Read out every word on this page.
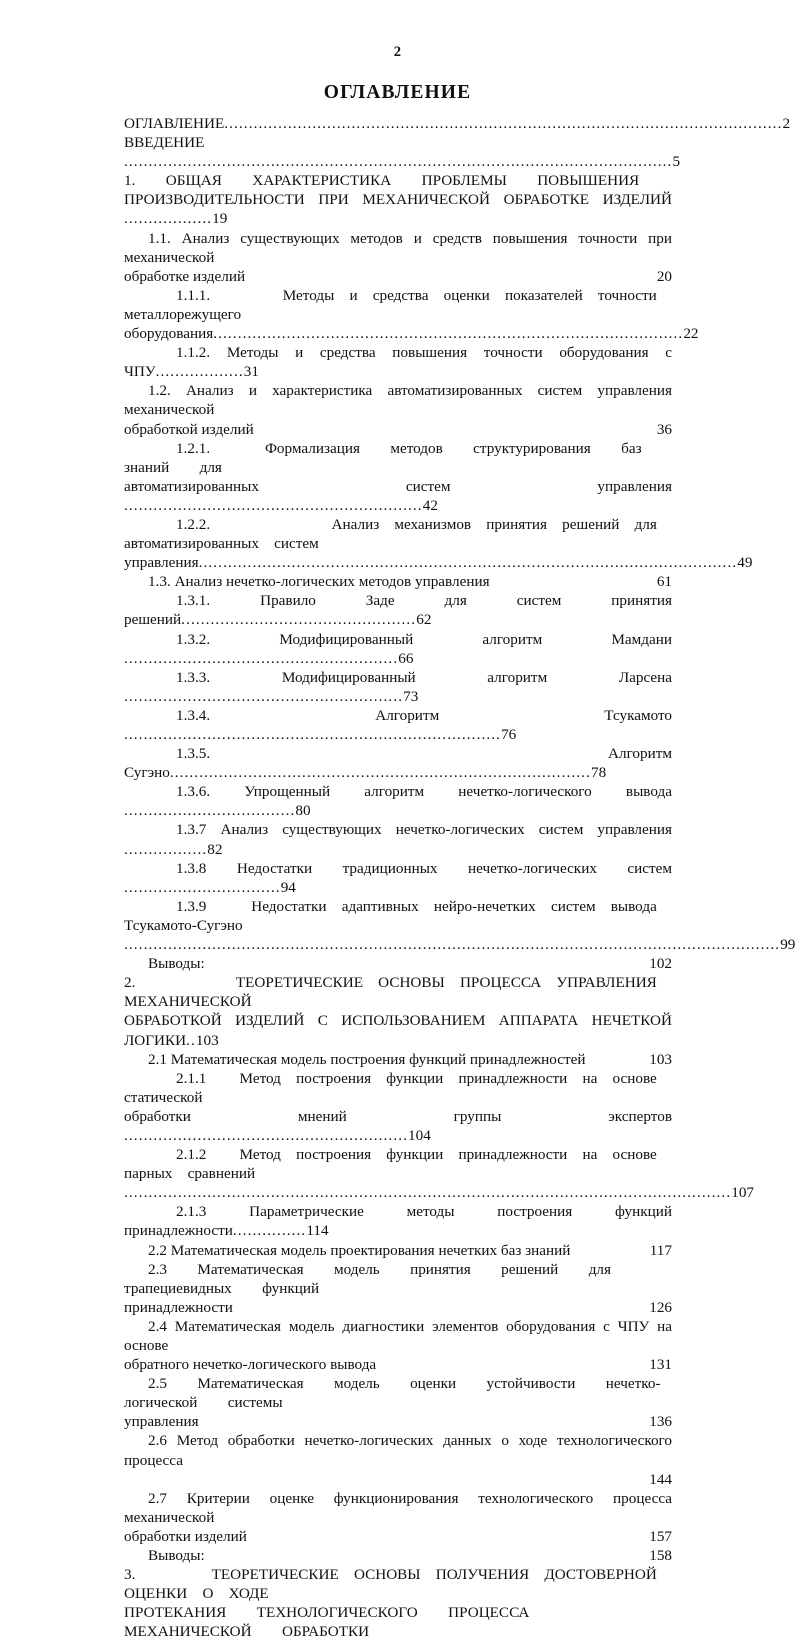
2
ОГЛАВЛЕНИЕ
ОГЛАВЛЕНИЕ..................................................................................................................2
ВВЕДЕНИЕ ................................................................................................................5
1.  ОБЩАЯ  ХАРАКТЕРИСТИКА  ПРОБЛЕМЫ  ПОВЫШЕНИЯ
ПРОИЗВОДИТЕЛЬНОСТИ ПРИ МЕХАНИЧЕСКОЙ ОБРАБОТКЕ ИЗДЕЛИЙ ..................19
1.1. Анализ существующих методов и средств повышения точности при механической
обработке изделий	20
1.1.1. Методы и средства оценки показателей точности металлорежущего
оборудования................................................................................................22
1.1.2. Методы и средства повышения точности оборудования с ЧПУ..................31
1.2. Анализ и характеристика автоматизированных систем управления механической
обработкой изделий	36
1.2.1. Формализация  методов  структурирования  баз  знаний  для
автоматизированных систем управления .............................................................42
1.2.2. Анализ механизмов принятия решений для автоматизированных систем
управления..............................................................................................................49
1.3. Анализ нечетко-логических методов управления	61
1.3.1. Правило Заде для систем принятия решений................................................62
1.3.2. Модифицированный алгоритм Мамдани ........................................................66
1.3.3. Модифицированный алгоритм Ларсена .........................................................73
1.3.4. Алгоритм Тсукамото .............................................................................76
1.3.5. Алгоритм Сугэно......................................................................................78
1.3.6. Упрощенный алгоритм нечетко-логического вывода ...................................80
1.3.7 Анализ существующих нечетко-логических систем управления .................82
1.3.8 Недостатки традиционных нечетко-логических систем ................................94
1.3.9 Недостатки адаптивных нейро-нечетких систем вывода Тсукамото-Сугэно
......................................................................................................................................99
Выводы:	102
2. ТЕОРЕТИЧЕСКИЕ ОСНОВЫ ПРОЦЕССА УПРАВЛЕНИЯ МЕХАНИЧЕСКОЙ
ОБРАБОТКОЙ ИЗДЕЛИЙ С ИСПОЛЬЗОВАНИЕМ АППАРАТА НЕЧЕТКОЙ ЛОГИКИ..103
2.1 Математическая модель построения функций принадлежностей	103
2.1.1 Метод построения функции принадлежности на основе статической
обработки мнений группы экспертов ..........................................................104
2.1.2 Метод построения функции принадлежности на основе парных сравнений
............................................................................................................................107
2.1.3 Параметрические методы построения функций принадлежности...............114
2.2 Математическая модель проектирования нечетких баз знаний	117
2.3  Математическая  модель  принятия  решений  для  трапециевидных  функций
принадлежности	126
2.4 Математическая модель диагностики элементов оборудования с ЧПУ на основе
обратного нечетко-логического вывода	131
2.5  Математическая  модель  оценки  устойчивости  нечетко-логической  системы
управления	136
2.6 Метод обработки нечетко-логических данных о ходе технологического процесса
144
2.7 Критерии оценке функционирования технологического процесса механической
обработки изделий	157
Выводы:	158
3. ТЕОРЕТИЧЕСКИЕ ОСНОВЫ ПОЛУЧЕНИЯ ДОСТОВЕРНОЙ ОЦЕНКИ О ХОДЕ
ПРОТЕКАНИЯ  ТЕХНОЛОГИЧЕСКОГО  ПРОЦЕССА  МЕХАНИЧЕСКОЙ  ОБРАБОТКИ
